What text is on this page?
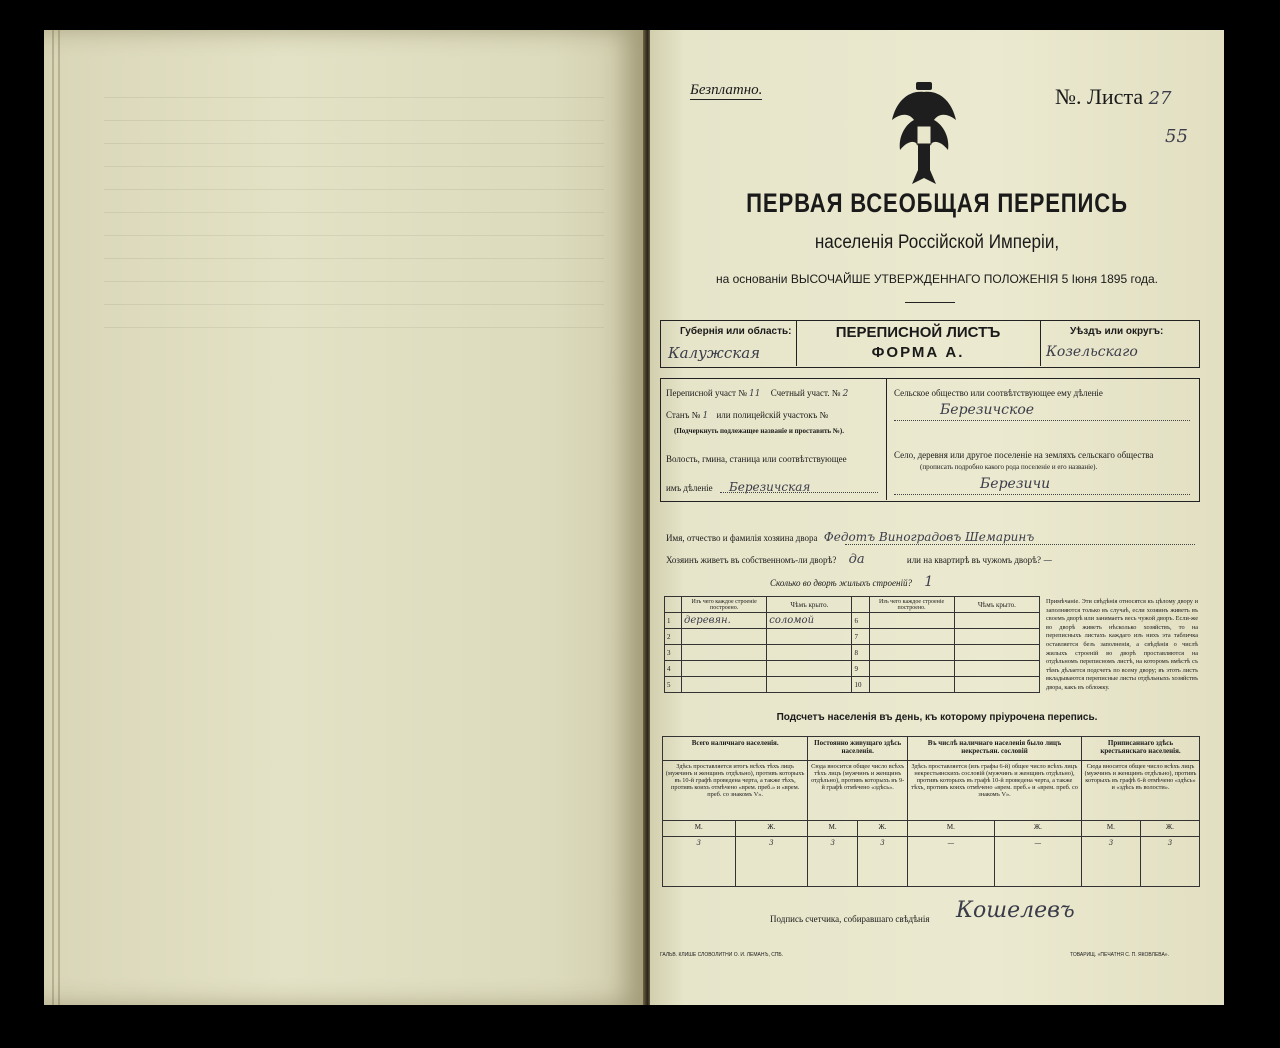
Безплатно.	№. Листа 27
55
ПЕРВАЯ ВСЕОБЩАЯ ПЕРЕПИСЬ
населенія Россійской Имперіи,
на основаніи ВЫСОЧАЙШЕ УТВЕРЖДЕННАГО ПОЛОЖЕНІЯ 5 Іюня 1895 года.
Губернія или область:
Калужская
ПЕРЕПИСНОЙ ЛИСТЪ
ФОРМА А.
Уѣздъ или округъ:
Козельскаго
Переписной участ № 11 Счетный участ. № 2
Станъ № 1 или полицейскій участокъ №
(Подчеркнуть подлежащее названіе и проставить №).
Волость, гмина, станица или соотвѣтствующее
имъ дѣленіе Березичская
Сельское общество или соотвѣтствующее ему дѣленіе
Березичское
Село, деревня или другое поселеніе на земляхъ сельскаго общества
(прописать подробно какого рода поселеніе и его названіе).
Березичи
Имя, отчество и фамилія хозяина двора Федотъ Виноградовъ Шемаринъ
Хозяинъ живетъ въ собственномъ-ли дворѣ? да	или на квартирѣ въ чужомъ дворѣ? —
Сколько во дворѣ жилыхъ строеній? 1
	Изъ чего каждое строеніе построено.	Чѣмъ крыто.		Изъ чего каждое строеніе построено.	Чѣмъ крыто.
1	деревян.	соломой	6		
2			7		
3			8		
4			9		
5			10		
Примѣчаніе. Эти свѣдѣнія относятся къ цѣлому двору и заполняются только въ случаѣ, если хозяинъ живетъ въ своемъ дворѣ или занимаетъ весь чужой дворъ. Если-же во дворѣ живетъ нѣсколько хозяйствъ, то на переписныхъ листахъ каждаго изъ нихъ эта табличка оставляется безъ заполненія, а свѣдѣнія о числѣ жилыхъ строеній во дворѣ проставляются на отдѣльномъ переписномъ листѣ, на которомъ вмѣстѣ съ тѣмъ дѣлается подсчетъ по всему двору; въ этотъ листъ вкладываются переписные листы отдѣльныхъ хозяйствъ двора, какъ въ обложку.
Подсчетъ населенія въ день, къ которому пріурочена перепись.
Всего наличнаго населенія.		Постоянно живущаго здѣсь населенія.		Въ числѣ наличнаго населенія было лицъ некрестьян. сословій		Приписаннаго здѣсь крестьянскаго населенія.	
Здѣсь проставляется итогъ всѣхъ тѣхъ лицъ (мужчинъ и женщинъ отдѣльно), противъ которыхъ въ 10-й графѣ проведена черта, а также тѣхъ, противъ коихъ отмѣчено «врем. преб.» и «врем. преб. со знакомъ V».		Сюда вносится общее число всѣхъ тѣхъ лицъ (мужчинъ и женщинъ отдѣльно), противъ которыхъ въ 9-й графѣ отмѣчено «здѣсь».		Здѣсь проставляется (изъ графы 6-й) общее число всѣхъ лицъ некрестьянскихъ сословій (мужчинъ и женщинъ отдѣльно), противъ которыхъ въ графѣ 10-й проведена черта, а также тѣхъ, противъ коихъ отмѣчено «врем. преб.» и «врем. преб. со знакомъ V».		Сюда вносится общее число всѣхъ лицъ (мужчинъ и женщинъ отдѣльно), противъ которыхъ въ графѣ 6-й отмѣчено «здѣсь» и «здѣсь въ волости».	
М.	Ж.	М.	Ж.	М.	Ж.	М.	Ж.
3	3	3	3	—	—	3	3
Подпись счетчика, собиравшаго свѣдѣнія Кошелевъ
ГАЛЬВ. КЛИШЕ СЛОВОЛИТНИ О. И. ЛЕМАНЪ, СПБ.	ТОВАРИЩ. «ПЕЧАТНЯ С. П. ЯКОВЛЕВА».
